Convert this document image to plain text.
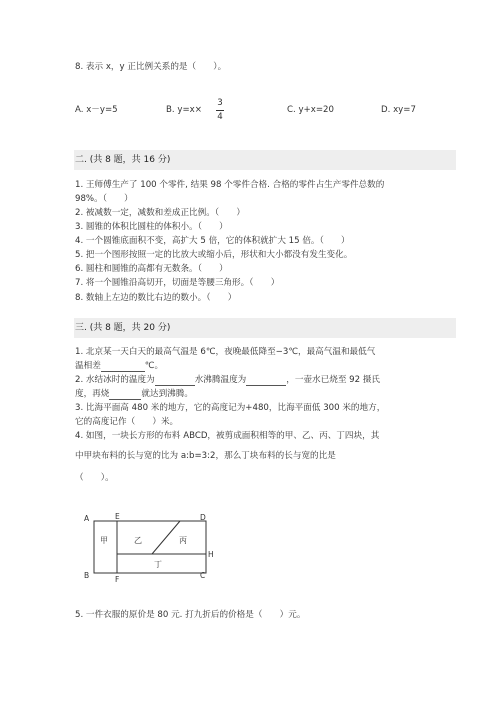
8. 表示 x，y 正比例关系的是（　　）。
A. x－y=5	B. y=x×
3
4
C. y+x=20	D. xy=7
二. (共 8 题，共 16 分)
1. 王师傅生产了 100 个零件, 结果 98 个零件合格. 合格的零件占生产零件总数的
98%。（　　）
2. 被减数一定，减数和差成正比例。（　　）
3. 圆锥的体积比圆柱的体积小。（　　）
4. 一个圆锥底面积不变，高扩大 5 倍，它的体积就扩大 15 倍。（　　）
5. 把一个图形按照一定的比放大或缩小后，形状和大小都没有发生变化。
6. 圆柱和圆锥的高都有无数条。（　　）
7. 将一个圆锥沿高切开，切面是等腰三角形。（　　）
8. 数轴上左边的数比右边的数小。（　　）
三. (共 8 题，共 20 分)
1. 北京某一天白天的最高气温是 6℃，夜晚最低降至−3℃，最高气温和最低气
温相差	℃。
2. 水结冰时的温度为	水沸腾温度为	，一壶水已烧至 92 摄氏
度，再烧	就达到沸腾。
3. 比海平面高 480 米的地方，它的高度记为+480，比海平面低 300 米的地方，
它的高度记作（　　）米。
4. 如图，一块长方形的布料 ABCD，被剪成面积相等的甲、乙、丙、丁四块，其
中甲块布料的长与宽的比为 a:b=3:2，那么丁块布料的长与宽的比是
（　　）。
A	E	D
B	F	C
H
甲	乙	丙
丁
5. 一件衣服的原价是 80 元. 打九折后的价格是（　　）元。
